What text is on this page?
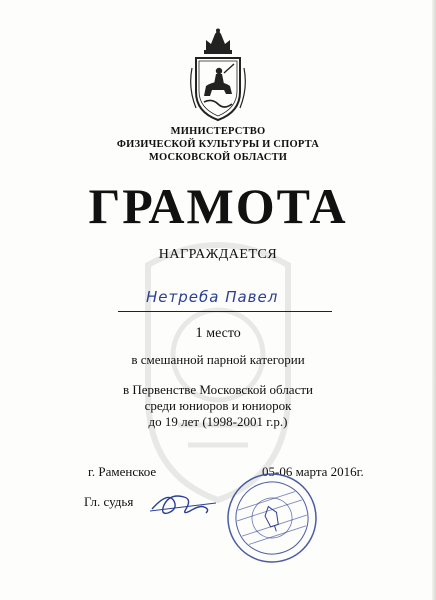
МИНИСТЕРСТВО
ФИЗИЧЕСКОЙ КУЛЬТУРЫ И СПОРТА
МОСКОВСКОЙ ОБЛАСТИ
ГРАМОТА
НАГРАЖДАЕТСЯ
Нетреба Павел
1 место
в смешанной парной категории
в Первенстве Московской области
среди юниоров и юниорок
до 19 лет (1998-2001 г.р.)
г. Раменское	05-06 марта 2016г.
Гл. судья
